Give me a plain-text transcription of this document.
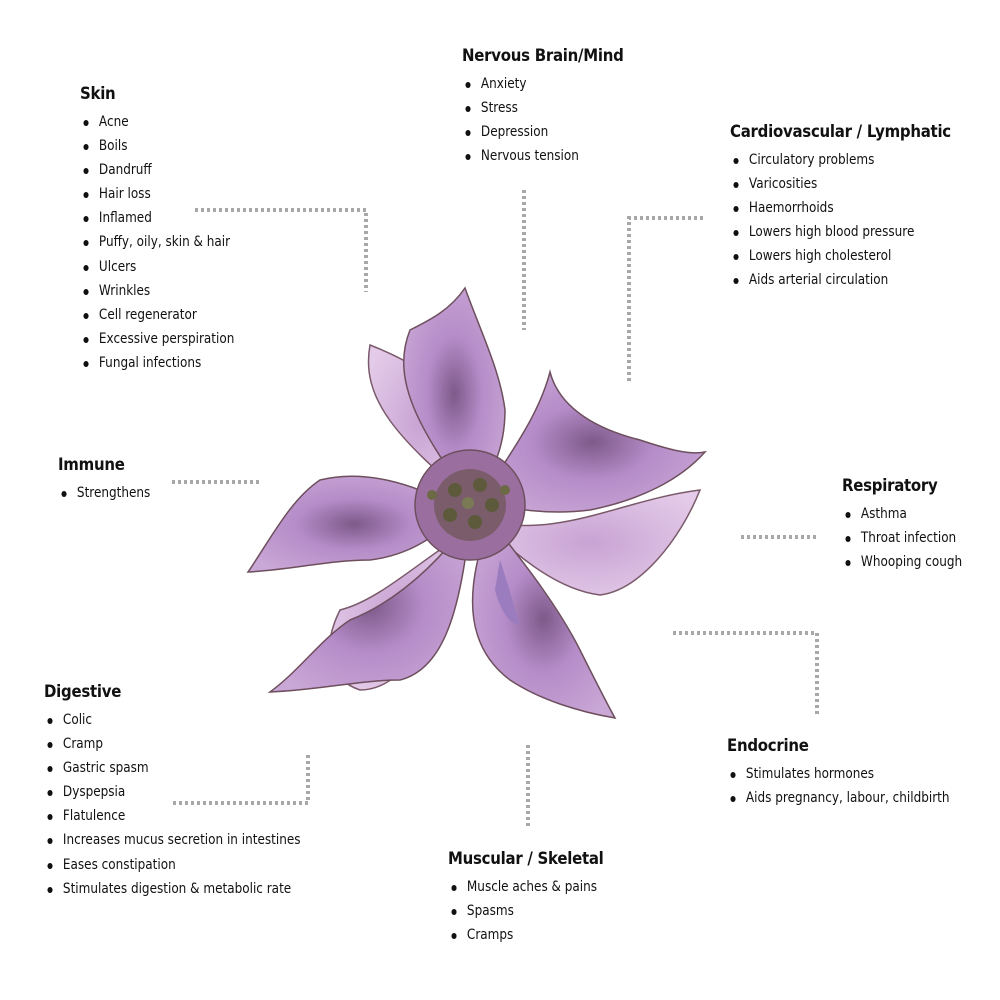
Skin
Acne
Boils
Dandruff
Hair loss
Inflamed
Puffy, oily, skin & hair
Ulcers
Wrinkles
Cell regenerator
Excessive perspiration
Fungal infections
Nervous Brain/Mind
Anxiety
Stress
Depression
Nervous tension
Cardiovascular / Lymphatic
Circulatory problems
Varicosities
Haemorrhoids
Lowers high blood pressure
Lowers high cholesterol
Aids arterial circulation
Immune
Strengthens	Respiratory
Asthma
Throat infection
Whooping cough
Digestive
Colic
Cramp
Gastric spasm
Dyspepsia
Flatulence
Increases mucus secretion in intestines
Eases constipation
Stimulates digestion & metabolic rate
Endocrine
Stimulates hormones
Aids pregnancy, labour, childbirth
Muscular / Skeletal
Muscle aches & pains
Spasms
Cramps
